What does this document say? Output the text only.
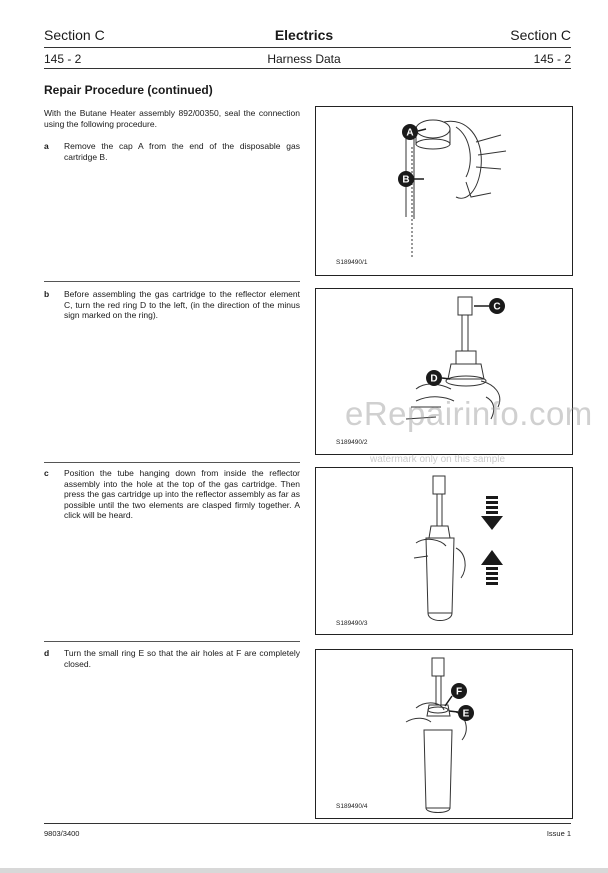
Section C	Electrics	Section C
145 - 2	Harness Data	145 - 2
Repair Procedure (continued)
With the Butane Heater assembly 892/00350, seal the connection using the following procedure.
a Remove the cap A from the end of the disposable gas cartridge B.
b Before assembling the gas cartridge to the reflector element C, turn the red ring D to the left, (in the direction of the minus sign marked on the ring).
c Position the tube hanging down from inside the reflector assembly into the hole at the top of the gas cartridge. Then press the gas cartridge up into the reflector assembly as far as possible until the two elements are clasped firmly together. A click will be heard.
d Turn the small ring E so that the air holes at F are completely closed.
A
B
S189490/1
C
D
S189490/2
S189490/3
F
E
S189490/4
eRepairinfo.com
watermark only on this sample
9803/3400	Issue 1
